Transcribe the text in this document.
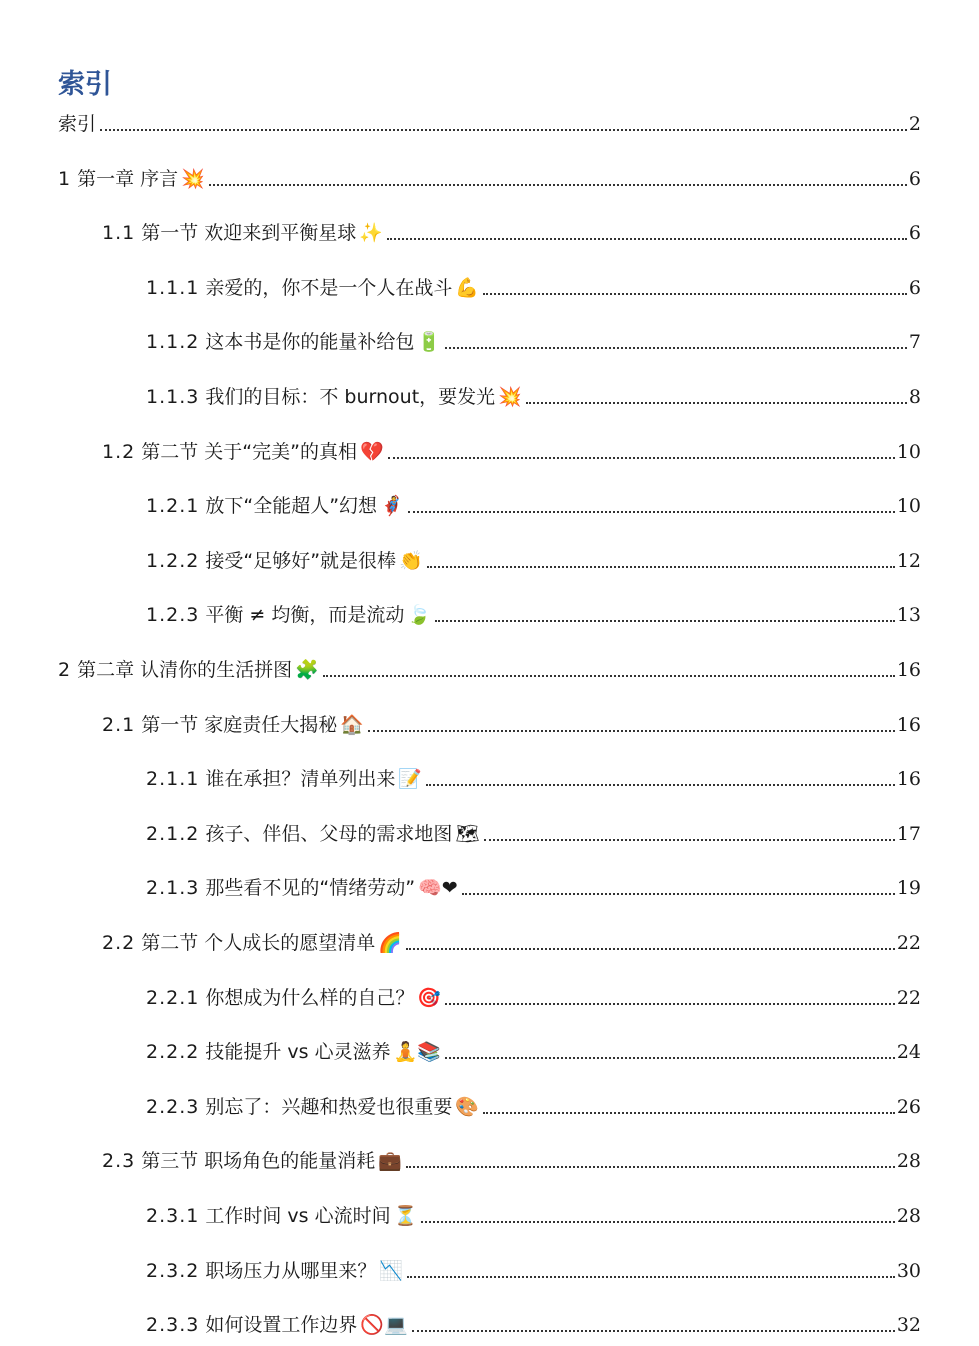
索引
索引	2
1 第一章 序言 💥	6
1.1 第一节 欢迎来到平衡星球 ✨	6
1.1.1 亲爱的，你不是一个人在战斗 💪	6
1.1.2 这本书是你的能量补给包 🔋	7
1.1.3 我们的目标：不 burnout，要发光 💥	8
1.2 第二节 关于“完美”的真相 💔	10
1.2.1 放下“全能超人”幻想 🦸	10
1.2.2 接受“足够好”就是很棒 👏	12
1.2.3 平衡 ≠ 均衡，而是流动 🍃	13
2 第二章 认清你的生活拼图 🧩	16
2.1 第一节 家庭责任大揭秘 🏠	16
2.1.1 谁在承担？清单列出来 📝	16
2.1.2 孩子、伴侣、父母的需求地图 🗺	17
2.1.3 那些看不见的“情绪劳动” 🧠❤	19
2.2 第二节 个人成长的愿望清单 🌈	22
2.2.1 你想成为什么样的自己？ 🎯	22
2.2.2 技能提升 vs 心灵滋养 🧘📚	24
2.2.3 别忘了：兴趣和热爱也很重要 🎨	26
2.3 第三节 职场角色的能量消耗 💼	28
2.3.1 工作时间 vs 心流时间 ⏳	28
2.3.2 职场压力从哪里来？ 📉	30
2.3.3 如何设置工作边界 🚫💻	32
